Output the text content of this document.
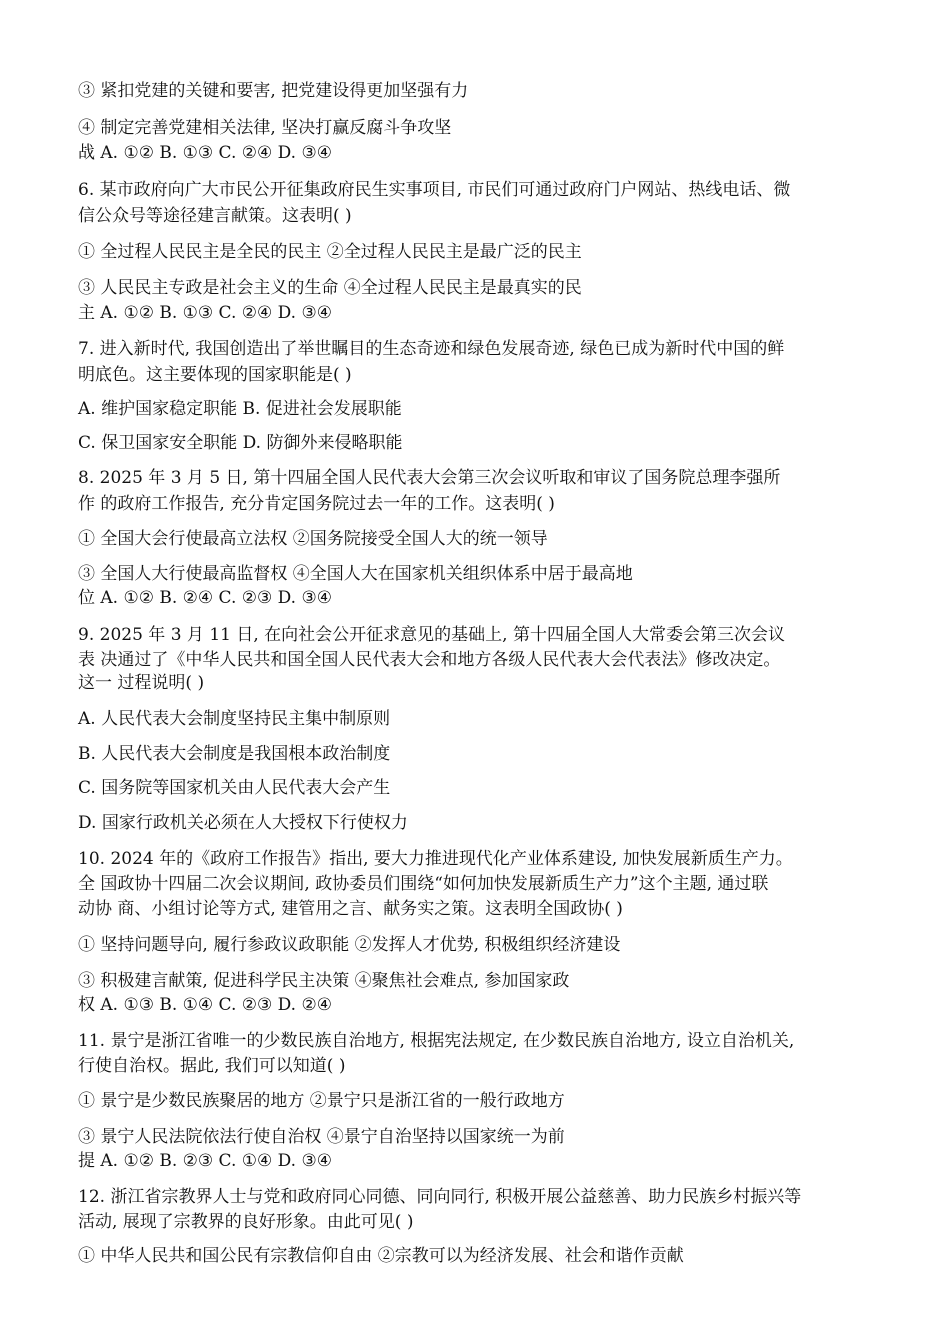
③ 紧扣党建的关键和要害, 把党建设得更加坚强有力
④ 制定完善党建相关法律, 坚决打赢反腐斗争攻坚
战 A. ①② B. ①③ C. ②④ D. ③④
6. 某市政府向广大市民公开征集政府民生实事项目, 市民们可通过政府门户网站、热线电话、微
信公众号等途径建言献策。这表明( )
① 全过程人民民主是全民的民主 ②全过程人民民主是最广泛的民主
③ 人民民主专政是社会主义的生命 ④全过程人民民主是最真实的民
主 A. ①② B. ①③ C. ②④ D. ③④
7. 进入新时代, 我国创造出了举世瞩目的生态奇迹和绿色发展奇迹, 绿色已成为新时代中国的鲜
明底色。这主要体现的国家职能是( )
A. 维护国家稳定职能 B. 促进社会发展职能
C. 保卫国家安全职能 D. 防御外来侵略职能
8. 2025 年 3 月 5 日, 第十四届全国人民代表大会第三次会议听取和审议了国务院总理李强所
作 的政府工作报告, 充分肯定国务院过去一年的工作。这表明( )
① 全国大会行使最高立法权 ②国务院接受全国人大的统一领导
③ 全国人大行使最高监督权 ④全国人大在国家机关组织体系中居于最高地
位 A. ①② B. ②④ C. ②③ D. ③④
9. 2025 年 3 月 11 日, 在向社会公开征求意见的基础上, 第十四届全国人大常委会第三次会议
表 决通过了《中华人民共和国全国人民代表大会和地方各级人民代表大会代表法》修改决定。
这一 过程说明( )
A. 人民代表大会制度坚持民主集中制原则
B. 人民代表大会制度是我国根本政治制度
C. 国务院等国家机关由人民代表大会产生
D. 国家行政机关必须在人大授权下行使权力
10. 2024 年的《政府工作报告》指出, 要大力推进现代化产业体系建设, 加快发展新质生产力。
全 国政协十四届二次会议期间, 政协委员们围绕“如何加快发展新质生产力”这个主题, 通过联
动协 商、小组讨论等方式, 建管用之言、献务实之策。这表明全国政协( )
① 坚持问题导向, 履行参政议政职能 ②发挥人才优势, 积极组织经济建设
③ 积极建言献策, 促进科学民主决策 ④聚焦社会难点, 参加国家政
权 A. ①③ B. ①④ C. ②③ D. ②④
11. 景宁是浙江省唯一的少数民族自治地方, 根据宪法规定, 在少数民族自治地方, 设立自治机关,
行使自治权。据此, 我们可以知道( )
① 景宁是少数民族聚居的地方 ②景宁只是浙江省的一般行政地方
③ 景宁人民法院依法行使自治权 ④景宁自治坚持以国家统一为前
提 A. ①② B. ②③ C. ①④ D. ③④
12. 浙江省宗教界人士与党和政府同心同德、同向同行, 积极开展公益慈善、助力民族乡村振兴等
活动, 展现了宗教界的良好形象。由此可见( )
① 中华人民共和国公民有宗教信仰自由 ②宗教可以为经济发展、社会和谐作贡献
